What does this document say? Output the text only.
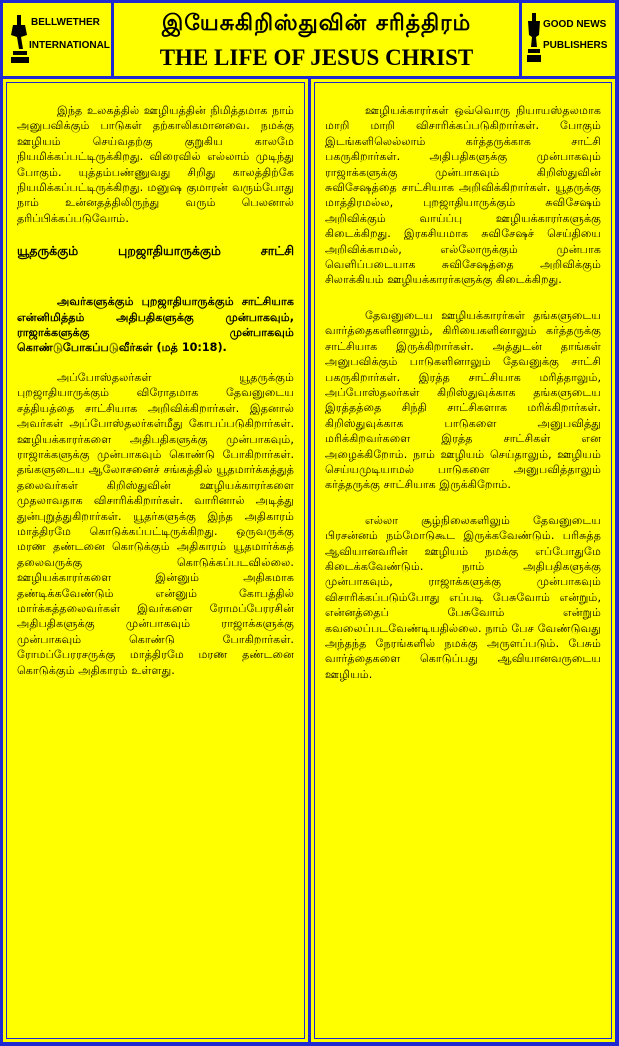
BELLWETHER
INTERNATIONAL
இயேசுகிறிஸ்துவின் சரித்திரம்
THE LIFE OF JESUS CHRIST
GOOD NEWS
PUBLISHERS

இந்த உலகத்தில் ஊழியத்தின் நிமித்தமாக நாம் அனுபவிக்கும் பாடுகள் தற்காலிகமானவை. நமக்கு ஊழியம் செய்வதற்கு குறுகிய காலமே நியமிக்கப்பட்டிருக்கிறது. விரைவில் எல்லாம் முடிந்து போகும். யுத்தம்பண்ணுவது சிறிது காலத்திற்கே நியமிக்கப்பட்டிருக்கிறது. மனுஷ குமாரன் வரும்போது நாம் உன்னதத்திலிருந்து வரும் பெலனால் தரிப்பிக்கப்படுவோம்.

யூதருக்கும் புறஜாதியாருக்கும் சாட்சி

அவர்களுக்கும் புறஜாதியாருக்கும் சாட்சியாக என்னிமித்தம் அதிபதிகளுக்கு முன்பாகவும், ராஜாக்களுக்கு முன்பாகவும் கொண்டுபோகப்படுவீர்கள் (மத் 10:18).

அப்போஸ்தலர்கள் யூதருக்கும் புறஜாதியாருக்கும் விரோதமாக தேவனுடைய சத்தியத்தை சாட்சியாக அறிவிக்கிறார்கள். இதனால் அவர்கள் அப்போஸ்தலர்கள்மீது கோபப்படுகிறார்கள். ஊழியக்காரர்களை அதிபதிகளுக்கு முன்பாகவும், ராஜாக்களுக்கு முன்பாகவும் கொண்டு போகிறார்கள். தங்களுடைய ஆலோசனைச் சங்கத்தில் யூதமார்க்கத்துத் தலைவர்கள் கிறிஸ்துவின் ஊழியக்காரர்களை முதலாவதாக விசாரிக்கிறார்கள். வாரினால் அடித்து துன்புறுத்துகிறார்கள். யூதர்களுக்கு இந்த அதிகாரம் மாத்திரமே கொடுக்கப்பட்டிருக்கிறது. ஒருவருக்கு மரண தண்டனை கொடுக்கும் அதிகாரம் யூதமார்க்கத் தலைவருக்கு கொடுக்கப்படவில்லை. ஊழியக்காரர்களை இன்னும் அதிகமாக தண்டிக்கவேண்டும் என்னும் கோபத்தில் மார்க்கத்தலைவர்கள் இவர்களை ரோமப்பேரரசின் அதிபதிகளுக்கு முன்பாகவும் ராஜாக்களுக்கு முன்பாகவும் கொண்டு போகிறார்கள். ரோமப்பேரரசருக்கு மாத்திரமே மரண தண்டனை கொடுக்கும் அதிகாரம் உள்ளது.

ஊழியக்காரர்கள் ஒவ்வொரு நியாயஸ்தலமாக மாறி மாறி விசாரிக்கப்படுகிறார்கள். போகும் இடங்களிலெல்லாம் கர்த்தருக்காக சாட்சி பகருகிறார்கள். அதிபதிகளுக்கு முன்பாகவும் ராஜாக்களுக்கு முன்பாகவும் கிறிஸ்துவின் சுவிசேஷத்தை சாட்சியாக அறிவிக்கிறார்கள். யூதருக்கு மாத்திரமல்ல, புறஜாதியாருக்கும் சுவிசேஷம் அறிவிக்கும் வாய்ப்பு ஊழியக்காரர்களுக்கு கிடைக்கிறது. இரகசியமாக சுவிசேஷச் செய்தியை அறிவிக்காமல், எல்லோருக்கும் முன்பாக வெளிப்படையாக சுவிசேஷத்தை அறிவிக்கும் சிலாக்கியம் ஊழியக்காரர்களுக்கு கிடைக்கிறது.

தேவனுடைய ஊழியக்காரர்கள் தங்களுடைய வார்த்தைகளினாலும், கிரியைகளினாலும் கர்த்தருக்கு சாட்சியாக இருக்கிறார்கள். அத்துடன் தாங்கள் அனுபவிக்கும் பாடுகளினாலும் தேவனுக்கு சாட்சி பகருகிறார்கள். இரத்த சாட்சியாக மரித்தாலும், அப்போஸ்தலர்கள் கிறிஸ்துவுக்காக தங்களுடைய இரத்தத்தை சிந்தி சாட்சிகளாக மரிக்கிறார்கள். கிறிஸ்துவுக்காக பாடுகளை அனுபவித்து மரிக்கிறவர்களை இரத்த சாட்சிகள் என அழைக்கிறோம். நாம் ஊழியம் செய்தாலும், ஊழியம் செய்யமுடியாமல் பாடுகளை அனுபவித்தாலும் கர்த்தருக்கு சாட்சியாக இருக்கிறோம்.

எல்லா சூழ்நிலைகளிலும் தேவனுடைய பிரசன்னம் நம்மோடுகூட இருக்கவேண்டும். பரிசுத்த ஆவியானவரின் ஊழியம் நமக்கு எப்போதுமே கிடைக்கவேண்டும். நாம் அதிபதிகளுக்கு முன்பாகவும், ராஜாக்களுக்கு முன்பாகவும் விசாரிக்கப்படும்போது எப்படி பேசுவோம் என்றும், என்னத்தைப் பேசுவோம் என்றும் கவலைப்படவேண்டியதில்லை. நாம் பேச வேண்டுவது அந்தந்த நேரங்களில் நமக்கு அருளப்படும். பேசும் வார்த்தைகளை கொடுப்பது ஆவியானவருடைய ஊழியம்.
